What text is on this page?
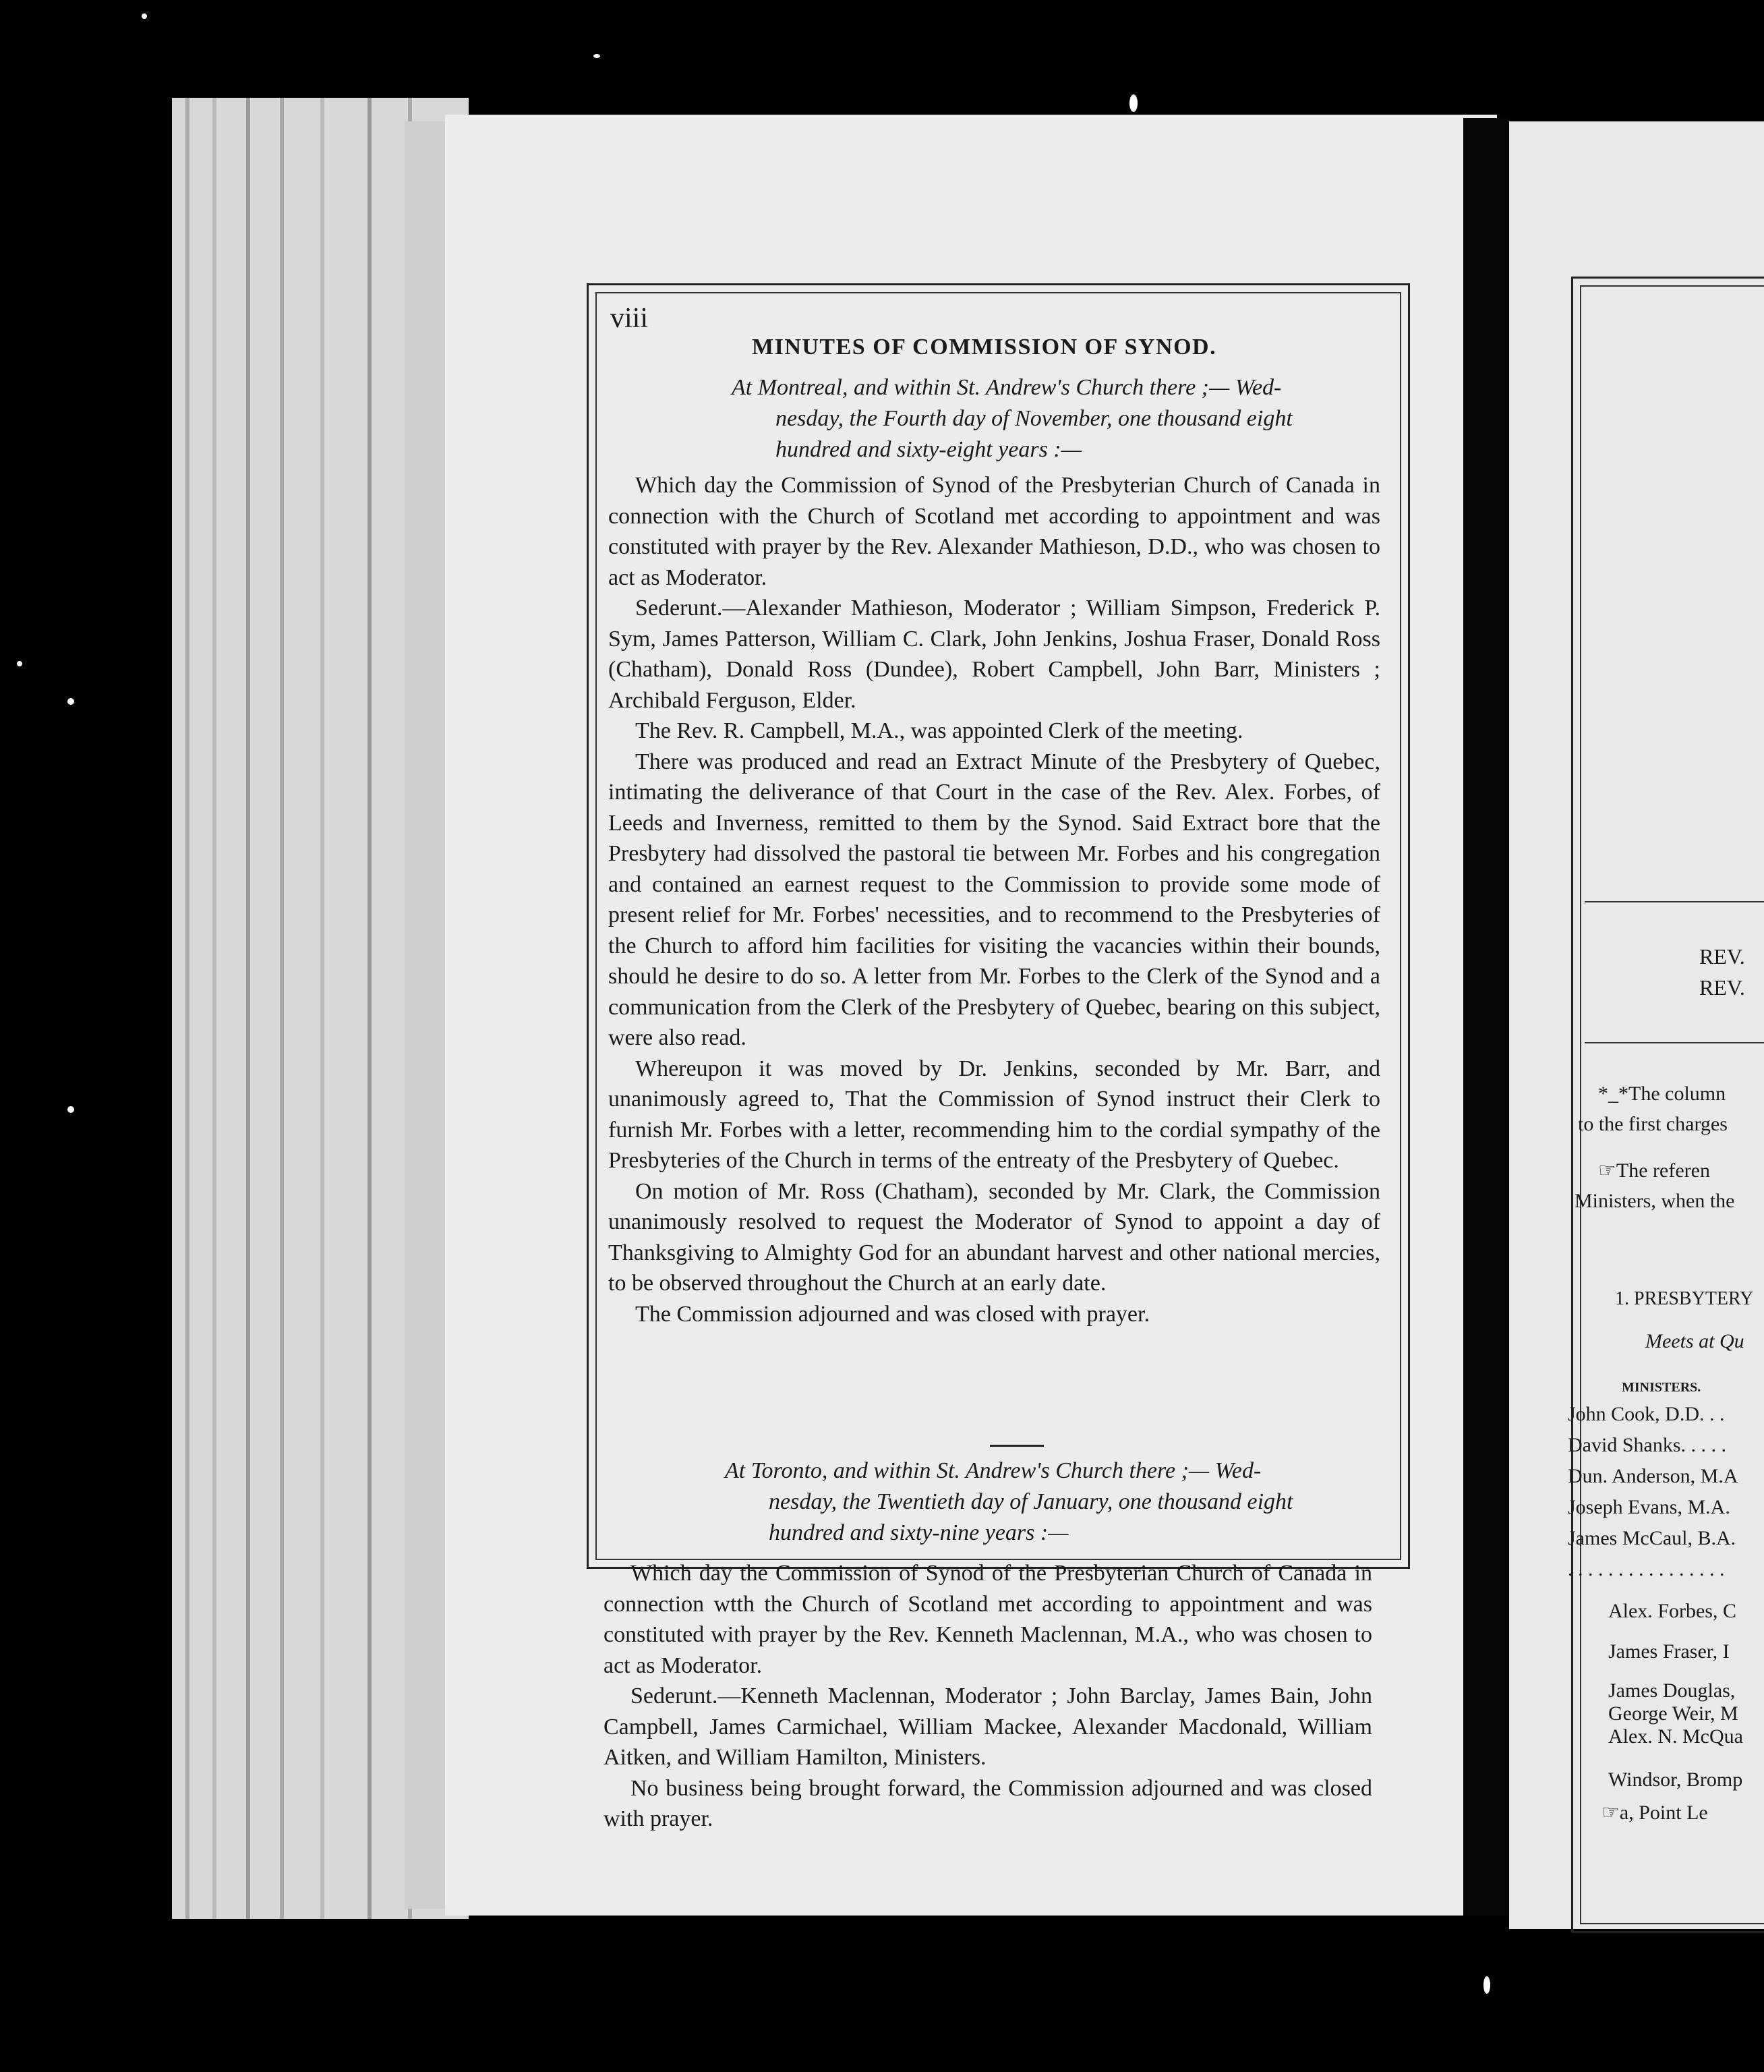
viii
MINUTES OF COMMISSION OF SYNOD.
At Montreal, and within St. Andrew's Church there ;— Wed-
nesday, the Fourth day of November, one thousand eight
hundred and sixty-eight years :—

Which day the Commission of Synod of the Presbyterian Church of Canada in connection with the Church of Scotland met according to appointment and was constituted with prayer by the Rev. Alexander Mathieson, D.D., who was chosen to act as Moderator.

Sederunt.—Alexander Mathieson, Moderator ; William Simpson, Frederick P. Sym, James Patterson, William C. Clark, John Jenkins, Joshua Fraser, Donald Ross (Chatham), Donald Ross (Dundee), Robert Campbell, John Barr, Ministers ; Archibald Ferguson, Elder.

The Rev. R. Campbell, M.A., was appointed Clerk of the meeting.

There was produced and read an Extract Minute of the Presbytery of Quebec, intimating the deliverance of that Court in the case of the Rev. Alex. Forbes, of Leeds and Inverness, remitted to them by the Synod. Said Extract bore that the Presbytery had dissolved the pastoral tie between Mr. Forbes and his congregation and contained an earnest request to the Commission to provide some mode of present relief for Mr. Forbes' necessities, and to recommend to the Presbyteries of the Church to afford him facilities for visiting the vacancies within their bounds, should he desire to do so. A letter from Mr. Forbes to the Clerk of the Synod and a communication from the Clerk of the Presbytery of Quebec, bearing on this subject, were also read.

Whereupon it was moved by Dr. Jenkins, seconded by Mr. Barr, and unanimously agreed to, That the Commission of Synod instruct their Clerk to furnish Mr. Forbes with a letter, recommending him to the cordial sympathy of the Presbyteries of the Church in terms of the entreaty of the Presbytery of Quebec.

On motion of Mr. Ross (Chatham), seconded by Mr. Clark, the Commission unanimously resolved to request the Moderator of Synod to appoint a day of Thanksgiving to Almighty God for an abundant harvest and other national mercies, to be observed throughout the Church at an early date.

The Commission adjourned and was closed with prayer.

At Toronto, and within St. Andrew's Church there ;— Wed-
nesday, the Twentieth day of January, one thousand eight
hundred and sixty-nine years :—

Which day the Commission of Synod of the Presbyterian Church of Canada in connection wtth the Church of Scotland met according to appointment and was constituted with prayer by the Rev. Kenneth Maclennan, M.A., who was chosen to act as Moderator.

Sederunt.—Kenneth Maclennan, Moderator ; John Barclay, James Bain, John Campbell, James Carmichael, William Mackee, Alexander Macdonald, William Aitken, and William Hamilton, Ministers.

No business being brought forward, the Commission adjourned and was closed with prayer.

REV.
REV.
*_*The column
to the first charges
☞The referen
Ministers, when the
1. PRESBYTERY
Meets at Qu
MINISTERS.
John Cook, D.D. . .
David Shanks. . . . .
Dun. Anderson, M.A
Joseph Evans, M.A.
James McCaul, B.A.
. . . . . . . . . . . . . . . .
Alex. Forbes, C
James Fraser, I
James Douglas,
George Weir, M
Alex. N. McQua
Windsor, Bromp
☞a, Point Le
